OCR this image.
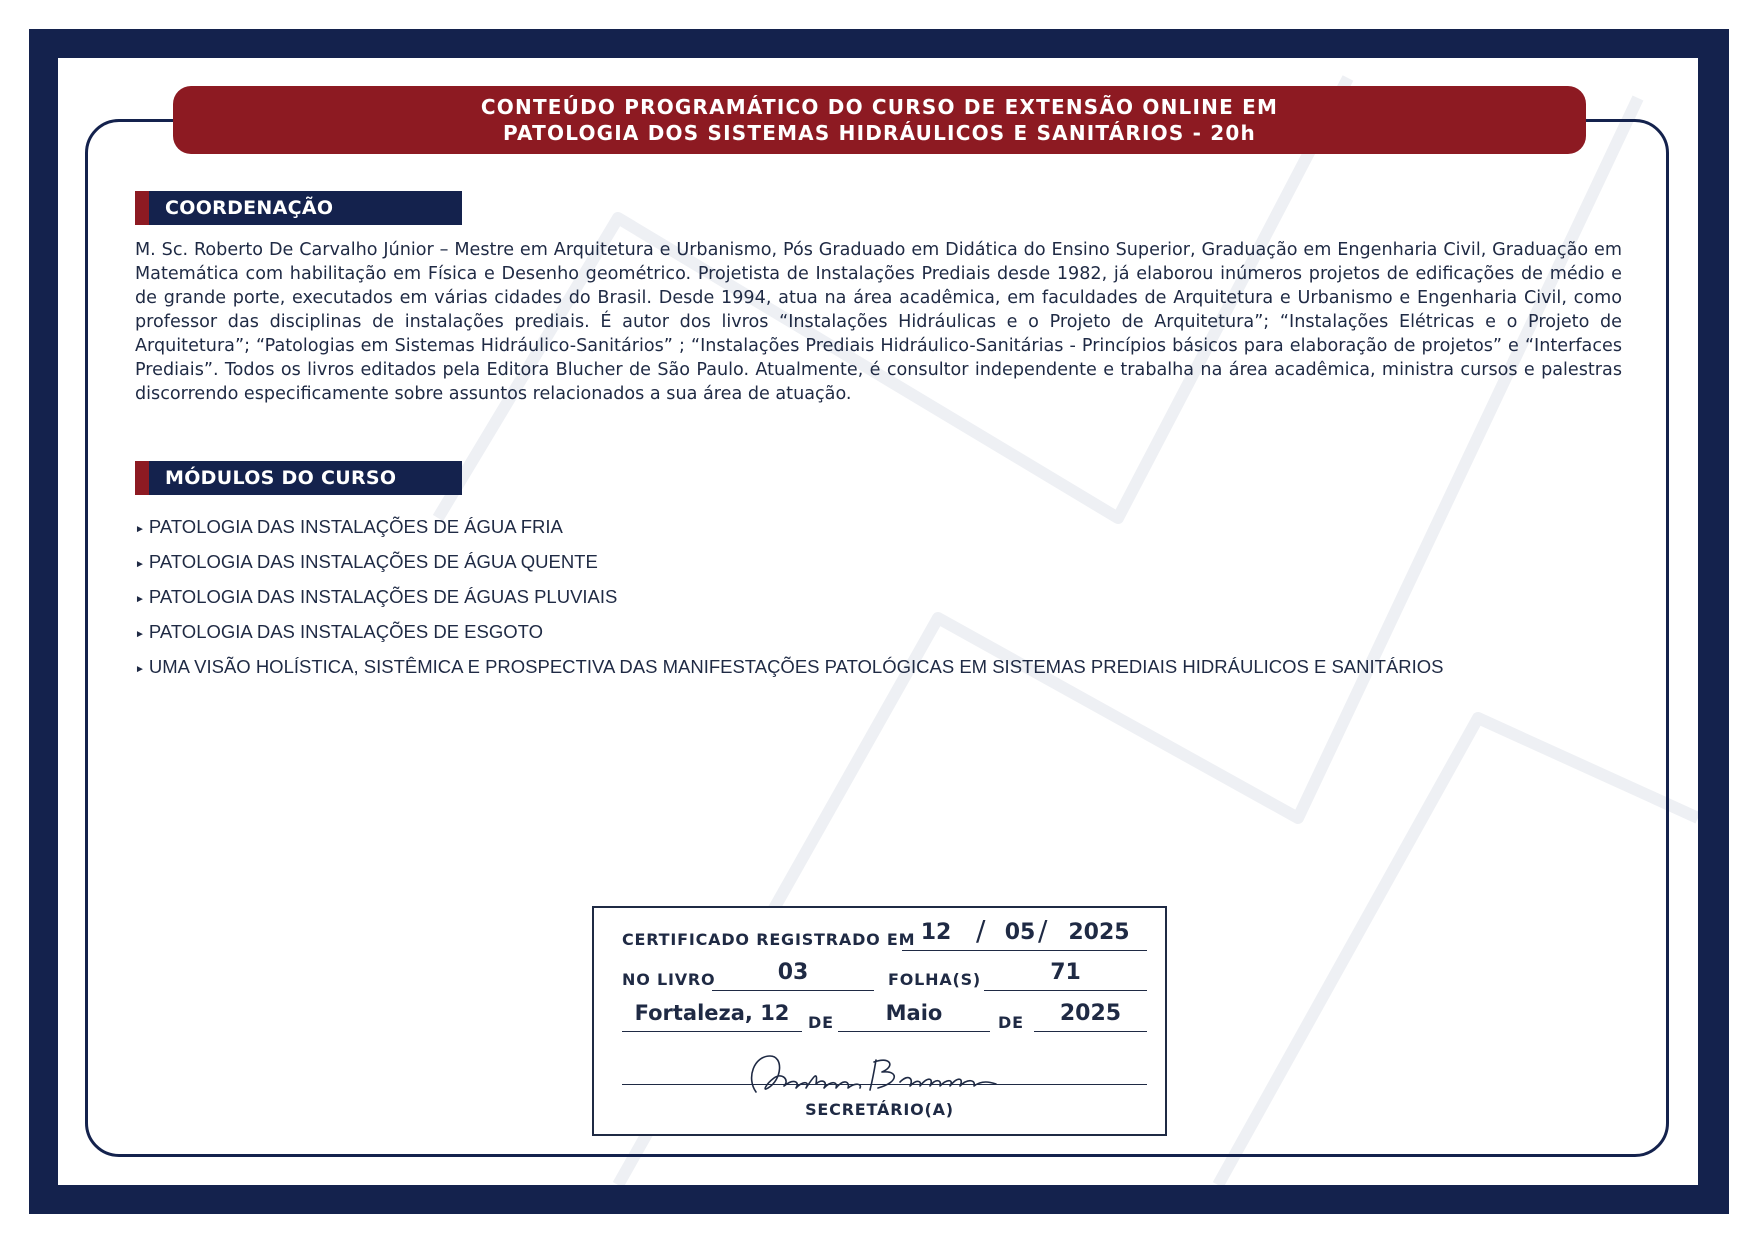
CONTEÚDO PROGRAMÁTICO DO CURSO DE EXTENSÃO ONLINE EM
PATOLOGIA DOS SISTEMAS HIDRÁULICOS E SANITÁRIOS - 20h
COORDENAÇÃO

M. Sc. Roberto De Carvalho Júnior – Mestre em Arquitetura e Urbanismo, Pós Graduado em Didática do Ensino Superior, Graduação em Engenharia Civil, Graduação em Matemática com habilitação em Física e Desenho geométrico. Projetista de Instalações Prediais desde 1982, já elaborou inúmeros projetos de edificações de médio e de grande porte, executados em várias cidades do Brasil. Desde 1994, atua na área acadêmica, em faculdades de Arquitetura e Urbanismo e Engenharia Civil, como professor das disciplinas de instalações prediais. É autor dos livros “Instalações Hidráulicas e o Projeto de Arquitetura”; “Instalações Elétricas e o Projeto de Arquitetura”; “Patologias em Sistemas Hidráulico-Sanitários” ; “Instalações Prediais Hidráulico-Sanitárias - Princípios básicos para elaboração de projetos” e “Interfaces Prediais”. Todos os livros editados pela Editora Blucher de São Paulo. Atualmente, é consultor independente e trabalha na área acadêmica, ministra cursos e palestras discorrendo especificamente sobre assuntos relacionados a sua área de atuação.

MÓDULOS DO CURSO
► PATOLOGIA DAS INSTALAÇÕES DE ÁGUA FRIA
► PATOLOGIA DAS INSTALAÇÕES DE ÁGUA QUENTE
► PATOLOGIA DAS INSTALAÇÕES DE ÁGUAS PLUVIAIS
► PATOLOGIA DAS INSTALAÇÕES DE ESGOTO
► UMA VISÃO HOLÍSTICA, SISTÊMICA E PROSPECTIVA DAS MANIFESTAÇÕES PATOLÓGICAS EM SISTEMAS PREDIAIS HIDRÁULICOS E SANITÁRIOS
CERTIFICADO REGISTRADO EM 12 / 05 / 2025
NO LIVRO	03	FOLHA(S)	71
Fortaleza, 12	DE	Maio	DE	2025
SECRETÁRIO(A)
